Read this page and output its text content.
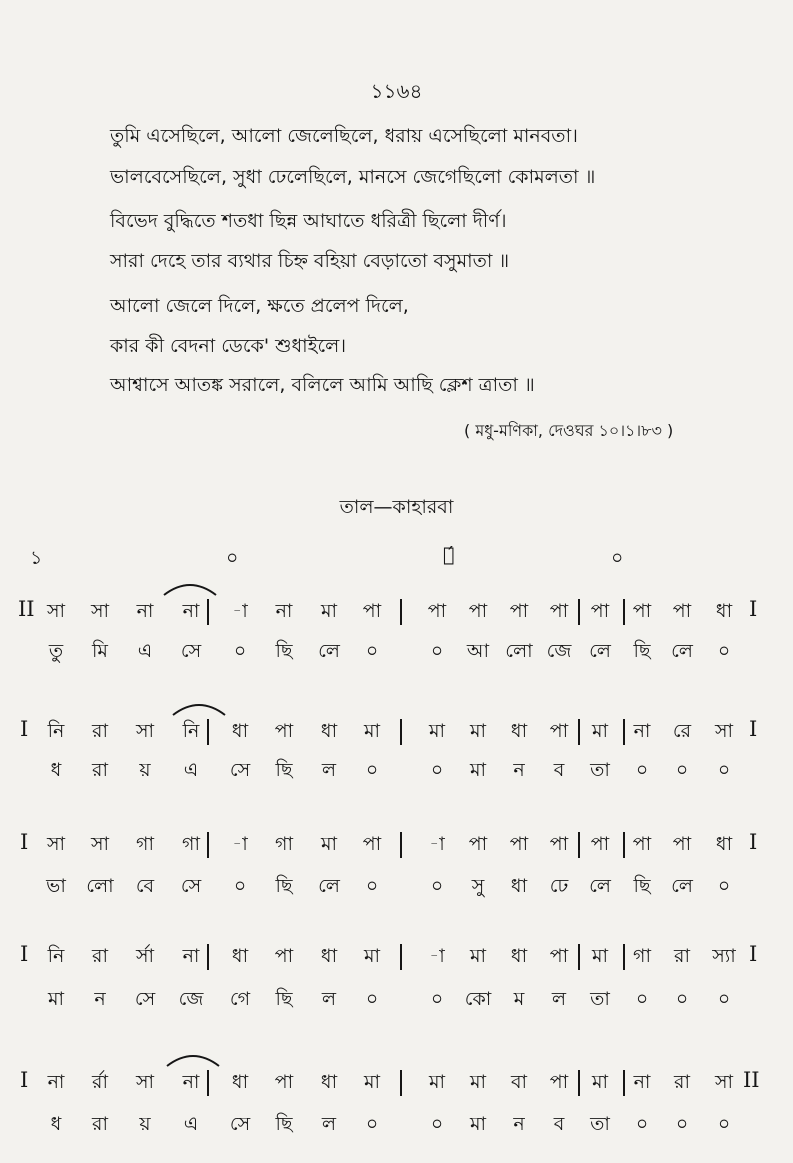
১১৬৪
তুমি এসেছিলে, আলো জেলেছিলে, ধরায় এসেছিলো মানবতা।
ভালবেসেছিলে, সুধা ঢেলেছিলে, মানসে জেগেছিলো কোমলতা ॥
বিভেদ বুদ্ধিতে শতধা ছিন্ন আঘাতে ধরিত্রী ছিলো দীর্ণ।
সারা দেহে তার ব্যথার চিহ্ন বহিয়া বেড়াতো বসুমাতা ॥
আলো জেলে দিলে, ক্ষতে প্রলেপ দিলে,
কার কী বেদনা ডেকে' শুধাইলে।
আশ্বাসে আতঙ্ক সরালে, বলিলে আমি আছি ক্লেশ ত্রাতা ॥
( মধু-মণিকা, দেওঘর ১০।১।৮৩ )
তাল—কাহারবা
১	০	২́	০
II সা সা না না -া না মা পা পা পা পা পা পা পা পা ধা I
তু মি এ সে ০ ছি লে ০	০ আ লো জে লে ছি লে ০
I নি রা সা নি ধা পা ধা মা	মা মা ধা পা মা না রে সা I
ধ রা য় এ সে ছি ল ০	০ মা ন ব তা ০ ০ ০
I সা সা গা গা -া গা মা পা	-া পা পা পা পা পা পা ধা I
ভা লো বে সে ০ ছি লে ০	০ সু ধা ঢে লে ছি লে ০
I নি রা র্সা না ধা পা ধা মা	-া মা ধা পা মা গা রা স্যা I
মা ন সে জে গে ছি ল ০	০ কো ম ল তা ০ ০ ০
I না র্রা সা না ধা পা ধা মা	মা মা বা পা মা না রা সা II
ধ রা য় এ সে ছি ল ০	০ মা ন ব তা ০ ০ ০
